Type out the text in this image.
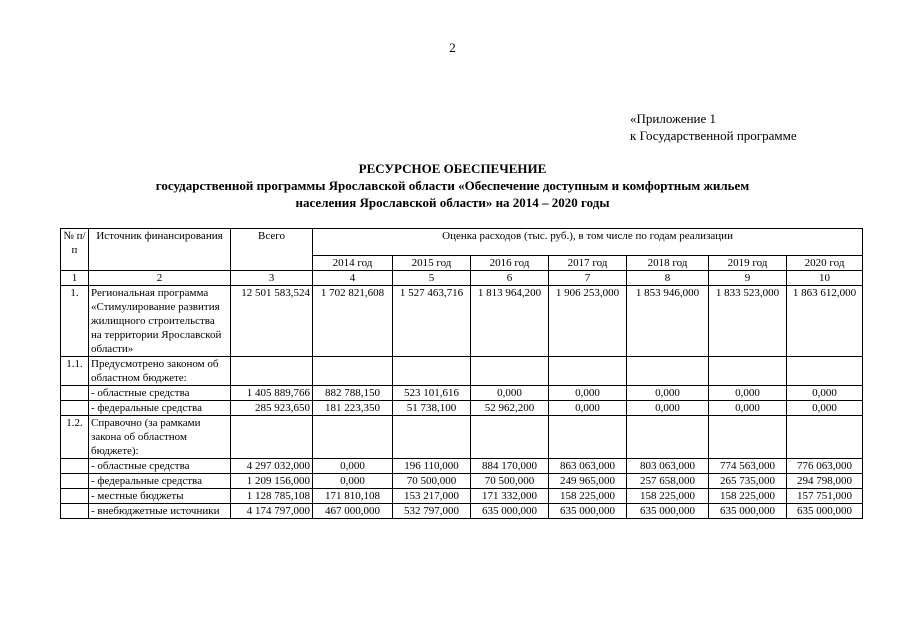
2
«Приложение 1
к Государственной программе
РЕСУРСНОЕ ОБЕСПЕЧЕНИЕ
государственной программы Ярославской области «Обеспечение доступным и комфортным жильем
населения Ярославской области» на 2014 – 2020 годы
№ п/п	Источник финансирования	Всего	Оценка расходов (тыс. руб.), в том числе по годам реализации						
			2014 год	2015 год	2016 год	2017 год	2018 год	2019 год	2020 год
1	2	3	4	5	6	7	8	9	10
1.	Региональная программа «Стимулирование развития жилищного строительства на территории Ярославской области»	12 501 583,524	1 702 821,608	1 527 463,716	1 813 964,200	1 906 253,000	1 853 946,000	1 833 523,000	1 863 612,000
1.1.	Предусмотрено законом об областном бюджете:								
	- областные средства	1 405 889,766	882 788,150	523 101,616	0,000	0,000	0,000	0,000	0,000
	- федеральные средства	285 923,650	181 223,350	51 738,100	52 962,200	0,000	0,000	0,000	0,000
1.2.	Справочно (за рамками закона об областном бюджете):								
	- областные средства	4 297 032,000	0,000	196 110,000	884 170,000	863 063,000	803 063,000	774 563,000	776 063,000
	- федеральные средства	1 209 156,000	0,000	70 500,000	70 500,000	249 965,000	257 658,000	265 735,000	294 798,000
	- местные бюджеты	1 128 785,108	171 810,108	153 217,000	171 332,000	158 225,000	158 225,000	158 225,000	157 751,000
	- внебюджетные источники	4 174 797,000	467 000,000	532 797,000	635 000,000	635 000,000	635 000,000	635 000,000	635 000,000
